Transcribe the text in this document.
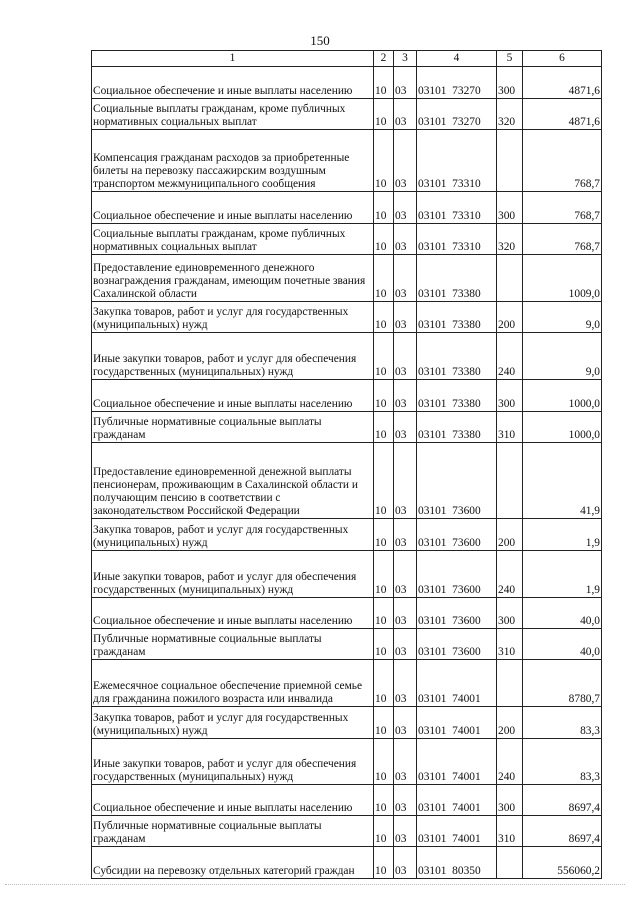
150
1	2	3	4	5	6
Социальное обеспечение и иные выплаты населению	10	03	03101  73270	300	4871,6
Социальные выплаты гражданам, кроме публичных нормативных социальных выплат	10	03	03101  73270	320	4871,6
Компенсация гражданам расходов за приобретенные билеты на перевозку пассажирским воздушным транспортом межмуниципального сообщения	10	03	03101  73310		768,7
Социальное обеспечение и иные выплаты населению	10	03	03101  73310	300	768,7
Социальные выплаты гражданам, кроме публичных нормативных социальных выплат	10	03	03101  73310	320	768,7
Предоставление единовременного денежного вознаграждения гражданам, имеющим почетные звания Сахалинской области	10	03	03101  73380		1009,0
Закупка товаров, работ и услуг для государственных (муниципальных) нужд	10	03	03101  73380	200	9,0
Иные закупки товаров, работ и услуг для обеспечения государственных (муниципальных) нужд	10	03	03101  73380	240	9,0
Социальное обеспечение и иные выплаты населению	10	03	03101  73380	300	1000,0
Публичные нормативные социальные выплаты гражданам	10	03	03101  73380	310	1000,0
Предоставление единовременной денежной выплаты пенсионерам, проживающим в Сахалинской области и получающим пенсию в соответствии с законодательством Российской Федерации	10	03	03101  73600		41,9
Закупка товаров, работ и услуг для государственных (муниципальных) нужд	10	03	03101  73600	200	1,9
Иные закупки товаров, работ и услуг для обеспечения государственных (муниципальных) нужд	10	03	03101  73600	240	1,9
Социальное обеспечение и иные выплаты населению	10	03	03101  73600	300	40,0
Публичные нормативные социальные выплаты гражданам	10	03	03101  73600	310	40,0
Ежемесячное социальное обеспечение приемной семье для гражданина пожилого возраста или инвалида	10	03	03101  74001		8780,7
Закупка товаров, работ и услуг для государственных (муниципальных) нужд	10	03	03101  74001	200	83,3
Иные закупки товаров, работ и услуг для обеспечения государственных (муниципальных) нужд	10	03	03101  74001	240	83,3
Социальное обеспечение и иные выплаты населению	10	03	03101  74001	300	8697,4
Публичные нормативные социальные выплаты гражданам	10	03	03101  74001	310	8697,4
Субсидии на перевозку отдельных категорий граждан	10	03	03101  80350		556060,2
